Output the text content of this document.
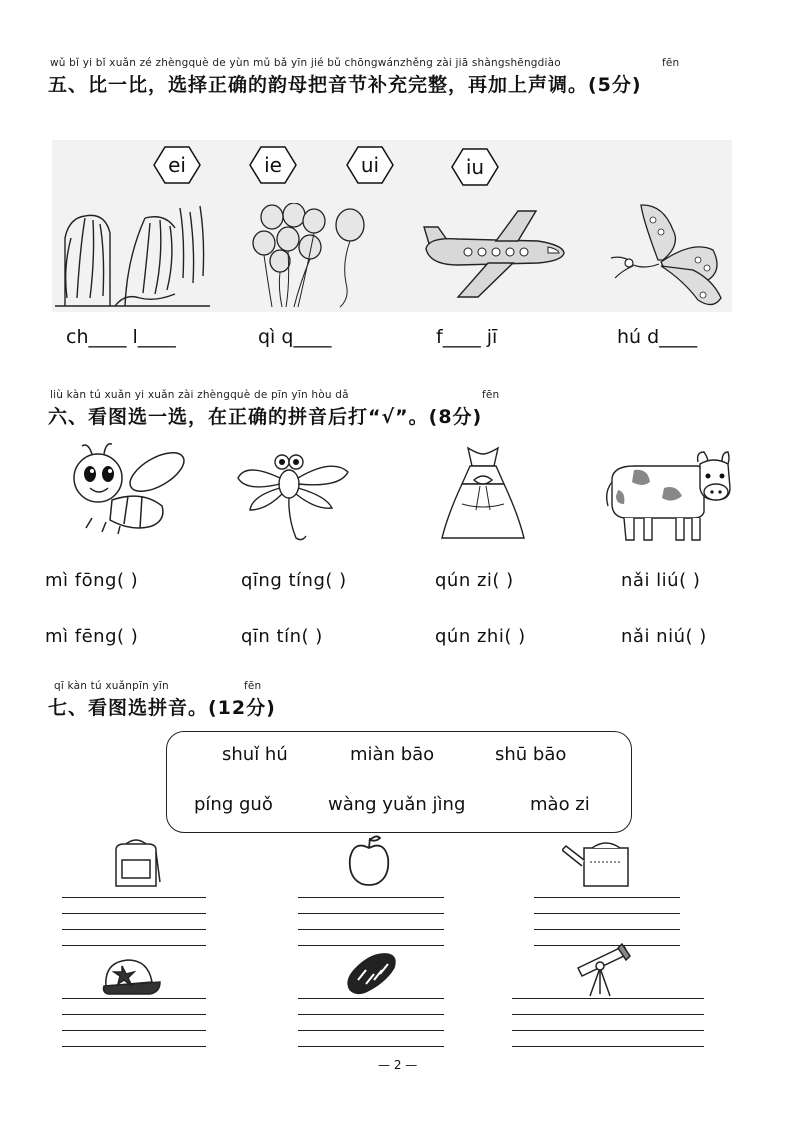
wǔ bǐ yi bǐ xuǎn zé zhèngquè de yùn mǔ bǎ yīn jié bǔ chōngwánzhěng zài jiā shàngshēngdiào	fēn
五、比一比，选择正确的韵母把音节补充完整，再加上声调。(5分)
ei	ie	ui	iu
ch____ l____	qì q____	f____ jī	hú d____
liù kàn tú xuǎn yi xuǎn zài zhèngquè de pīn yīn hòu dǎ	fēn
六、看图选一选，在正确的拼音后打“√”。(8分)
mì fōng( )	qīng tíng( )	qún zi( )	nǎi liú( )
mì fēng( )	qīn tín( )	qún zhi( )	nǎi niú( )
qī kàn tú xuǎnpīn yīn	fēn
七、看图选拼音。(12分)
shuǐ hú	miàn bāo	shū bāo
píng guǒ	wàng yuǎn jìng	mào zi
— 2 —
